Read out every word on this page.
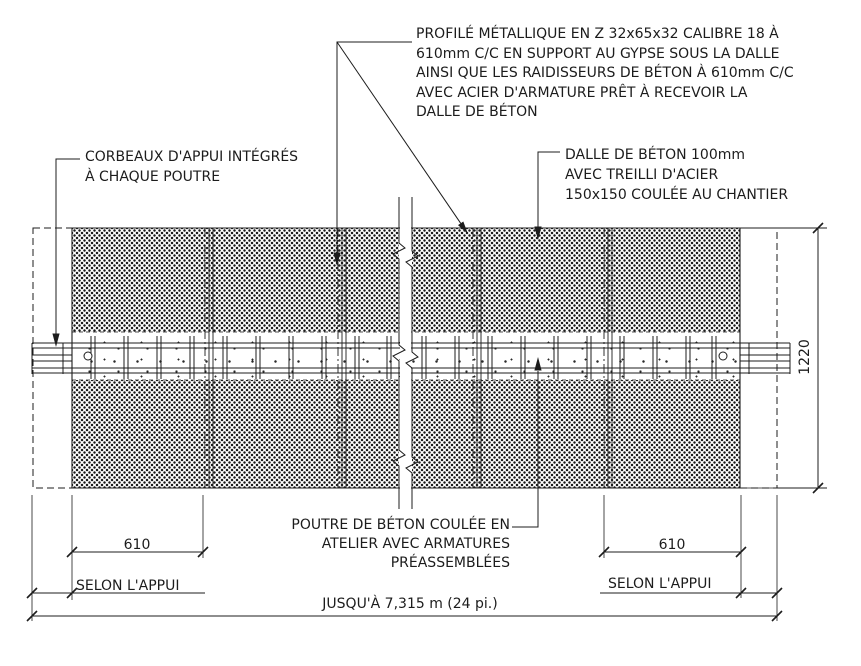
PROFILÉ MÉTALLIQUE EN Z 32x65x32 CALIBRE 18 À
610mm C/C EN SUPPORT AU GYPSE SOUS LA DALLE
AINSI QUE LES RAIDISSEURS DE BÉTON À 610mm C/C
AVEC ACIER D'ARMATURE PRÊT À RECEVOIR LA
DALLE DE BÉTON
CORBEAUX D'APPUI INTÉGRÉS
À CHAQUE POUTRE
DALLE DE BÉTON 100mm
AVEC TREILLI D'ACIER
150x150 COULÉE AU CHANTIER
POUTRE DE BÉTON COULÉE EN
ATELIER AVEC ARMATURES
PRÉASSEMBLÉES
610	610
SELON L'APPUI	SELON L'APPUI
JUSQU'À 7,315 m (24 pi.)
1220
